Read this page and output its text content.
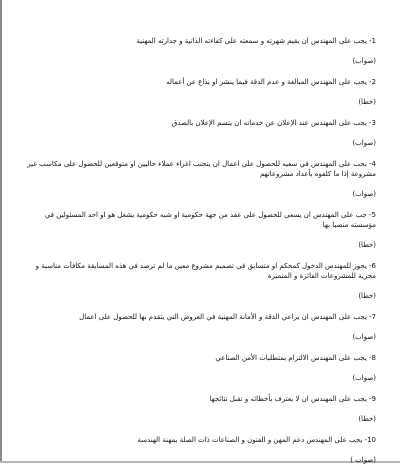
1- يجب على المهندس ان يقيم شهرته و سمعته على كفاءته الذاتية و جدارته المهنية

(صواب)

2- يجب على المهندس المبالغة و عدم الدقة فيما ينشر او يذاع عن أعماله

(خطا)

3- يجب على المهندس عند الإعلان عن خدماته ان يتسم الإعلان بالصدق

(صواب)

4- يجب على المهندس في سعيه للحصول على اعمال ان يتجنب اغراء عملاء حاليين او متوقعين للحصول على مكاسب غير مشروعة إذا ما كلفوه بأعداد مشروعاتهم

(صواب)

5- جب على المهندس ان يسعى للحصول على عقد من جهة حكومية او شبه حكومية يشغل هو او احد المسئولين في مؤسسته منصبا بها

(خطا)

6- يجوز للمهندس الدخول كمحكم او متسابق في تصميم مشروع معين ما لم ترصد في هذه المسابقة مكافآت مناسبة و مجزية للمشروعات الفائزة و المتميزة

(خطا)

7- يجب على المهندس ان يراعي الدقة و الأمانة المهنية في العروض التي يتقدم بها للحصول على اعمال

(صواب)

8- يجب على المهندس الالتزام بمتطلبات الأمن الصناعي

(صواب)

9- يجب على المهندس ان لا يعترف بأخطائه و تقبل نتائجها

(خطا)

10- يجب على المهندس دعم المهن و الفنون و الصناعات ذات الصلة بمهنة الهندسة

(صواب )
